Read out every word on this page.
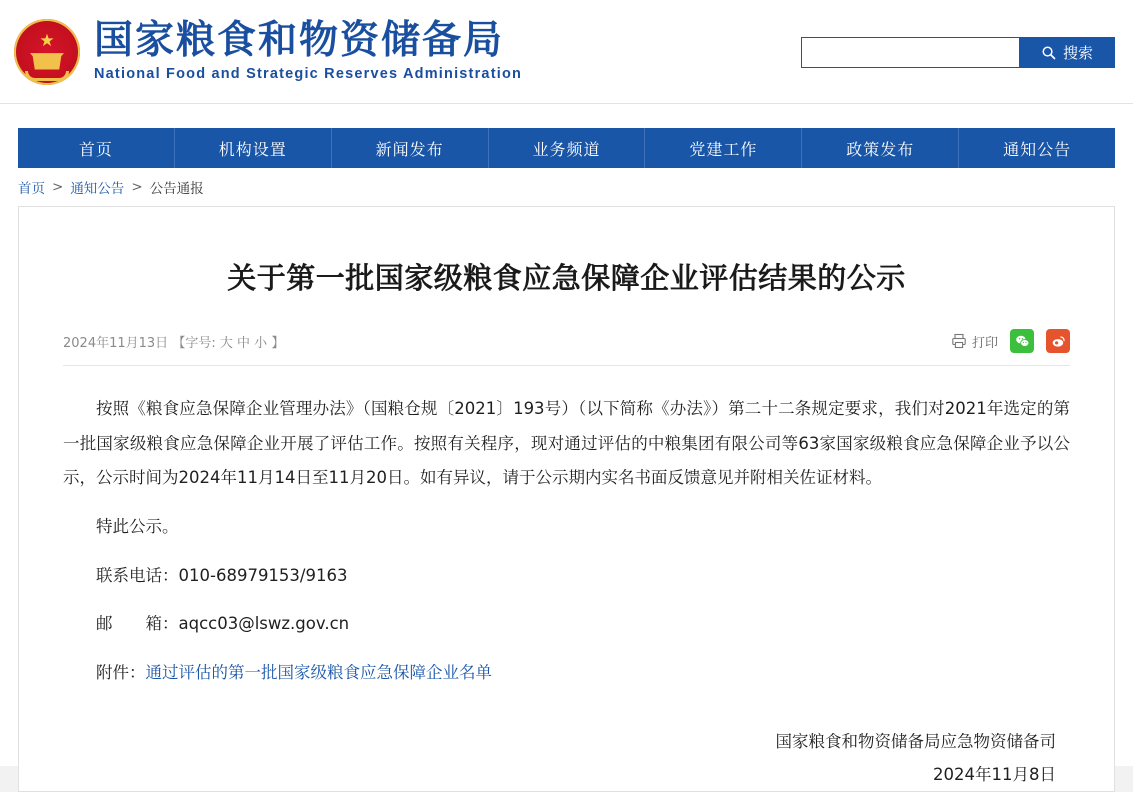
★ 国家粮食和物资储备局
National Food and Strategic Reserves Administration
搜索
首页	机构设置	新闻发布	业务频道	党建工作	政策发布	通知公告
首页 > 通知公告 > 公告通报
关于第一批国家级粮食应急保障企业评估结果的公示
2024年11月13日 【字号: 大 中 小 】	打印

按照《粮食应急保障企业管理办法》（国粮仓规〔2021〕193号）（以下简称《办法》）第二十二条规定要求，我们对2021年选定的第一批国家级粮食应急保障企业开展了评估工作。按照有关程序，现对通过评估的中粮集团有限公司等63家国家级粮食应急保障企业予以公示，公示时间为2024年11月14日至11月20日。如有异议，请于公示期内实名书面反馈意见并附相关佐证材料。

特此公示。

联系电话：010-68979153/9163

邮　　箱：aqcc03@lswz.gov.cn

附件：通过评估的第一批国家级粮食应急保障企业名单

国家粮食和物资储备局应急物资储备司
2024年11月8日
